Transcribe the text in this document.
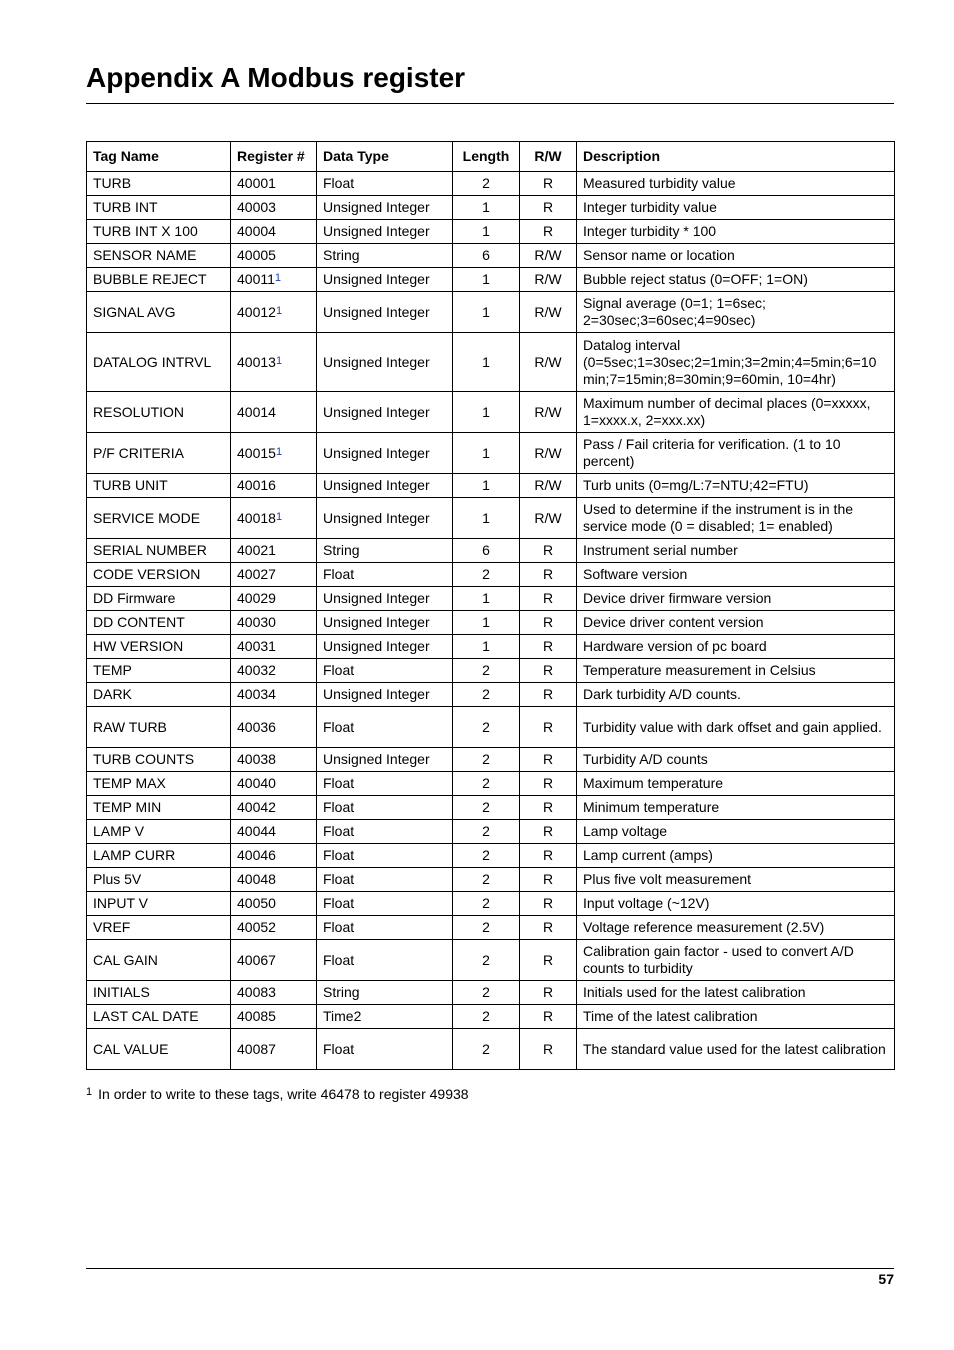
Appendix A Modbus register
Tag Name	Register #	Data Type	Length	R/W	Description
TURB	40001	Float	2	R	Measured turbidity value
TURB INT	40003	Unsigned Integer	1	R	Integer turbidity value
TURB INT X 100	40004	Unsigned Integer	1	R	Integer turbidity * 100
SENSOR NAME	40005	String	6	R/W	Sensor name or location
BUBBLE REJECT	40011$^1$	Unsigned Integer	1	R/W	Bubble reject status (0=OFF; 1=ON)
SIGNAL AVG	40012$^1$	Unsigned Integer	1	R/W	Signal average (0=1; 1=6sec; 2=30sec;3=60sec;4=90sec)
DATALOG INTRVL	40013$^1$	Unsigned Integer	1	R/W	Datalog interval (0=5sec;1=30sec;2=1min;3=2min;4=5min;6=10 min;7=15min;8=30min;9=60min, 10=4hr)
RESOLUTION	40014	Unsigned Integer	1	R/W	Maximum number of decimal places (0=xxxxx, 1=xxxx.x, 2=xxx.xx)
P/F CRITERIA	40015$^1$	Unsigned Integer	1	R/W	Pass / Fail criteria for verification. (1 to 10 percent)
TURB UNIT	40016	Unsigned Integer	1	R/W	Turb units (0=mg/L:7=NTU;42=FTU)
SERVICE MODE	40018$^1$	Unsigned Integer	1	R/W	Used to determine if the instrument is in the service mode (0 = disabled; 1= enabled)
SERIAL NUMBER	40021	String	6	R	Instrument serial number
CODE VERSION	40027	Float	2	R	Software version
DD Firmware	40029	Unsigned Integer	1	R	Device driver firmware version
DD CONTENT	40030	Unsigned Integer	1	R	Device driver content version
HW VERSION	40031	Unsigned Integer	1	R	Hardware version of pc board
TEMP	40032	Float	2	R	Temperature measurement in Celsius
DARK	40034	Unsigned Integer	2	R	Dark turbidity A/D counts.
RAW TURB	40036	Float	2	R	Turbidity value with dark offset and gain applied.
TURB COUNTS	40038	Unsigned Integer	2	R	Turbidity A/D counts
TEMP MAX	40040	Float	2	R	Maximum temperature
TEMP MIN	40042	Float	2	R	Minimum temperature
LAMP V	40044	Float	2	R	Lamp voltage
LAMP CURR	40046	Float	2	R	Lamp current (amps)
Plus 5V	40048	Float	2	R	Plus five volt measurement
INPUT V	40050	Float	2	R	Input voltage (~12V)
VREF	40052	Float	2	R	Voltage reference measurement (2.5V)
CAL GAIN	40067	Float	2	R	Calibration gain factor - used to convert A/D counts to turbidity
INITIALS	40083	String	2	R	Initials used for the latest calibration
LAST CAL DATE	40085	Time2	2	R	Time of the latest calibration
CAL VALUE	40087	Float	2	R	The standard value used for the latest calibration
$^1$ In order to write to these tags, write 46478 to register 49938
57
